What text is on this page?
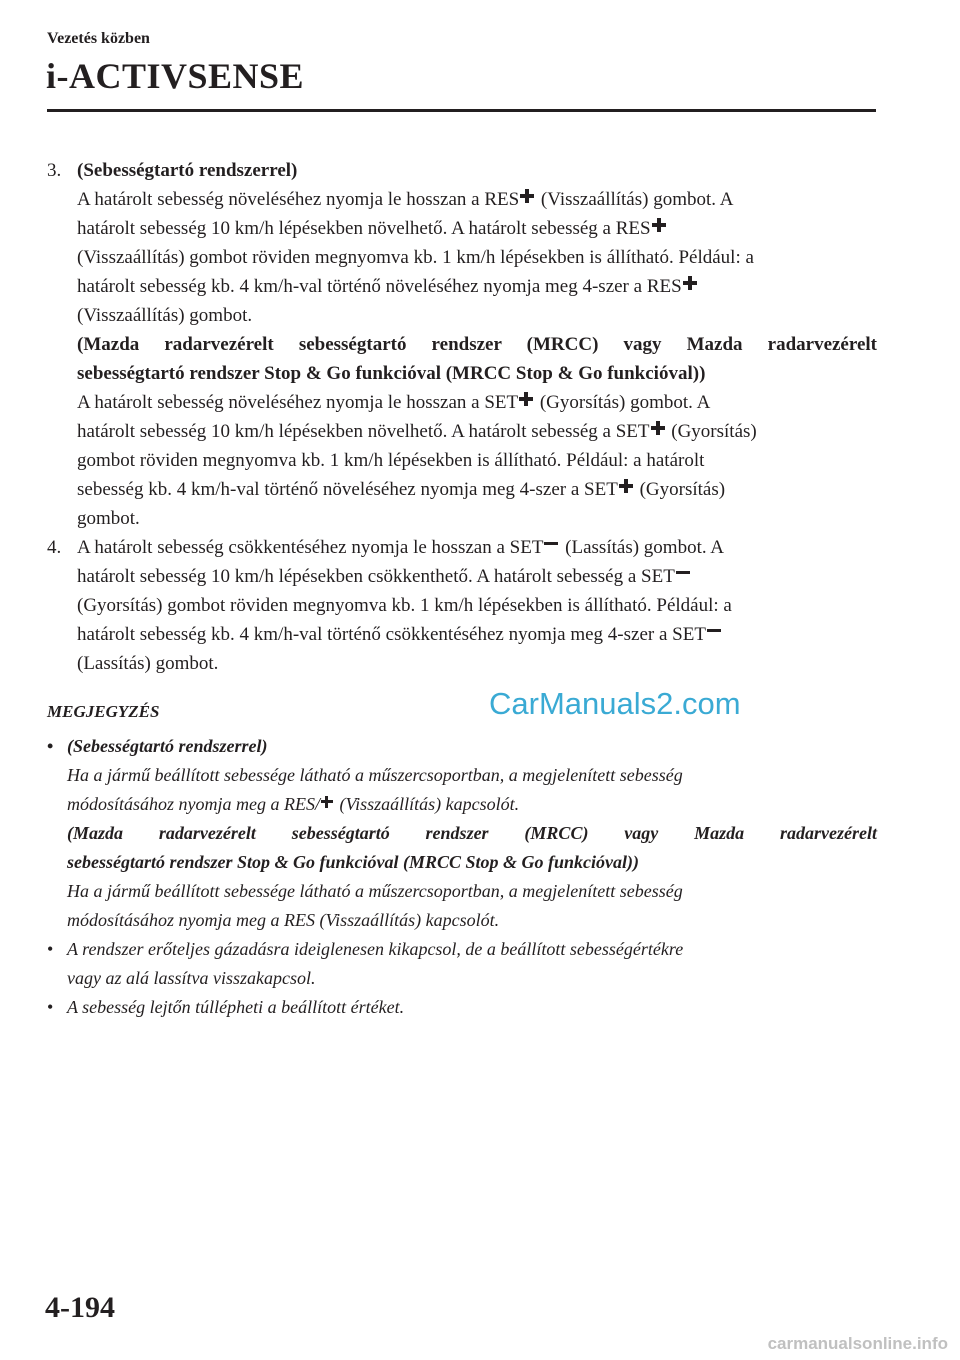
Vezetés közben
i-ACTIVSENSE
3. (Sebességtartó rendszerrel)
A határolt sebesség növeléséhez nyomja le hosszan a RES (Visszaállítás) gombot. A
határolt sebesség 10 km/h lépésekben növelhető. A határolt sebesség a RES
(Visszaállítás) gombot röviden megnyomva kb. 1 km/h lépésekben is állítható. Például: a
határolt sebesség kb. 4 km/h-val történő növeléséhez nyomja meg 4-szer a RES
(Visszaállítás) gombot.
(Mazda radarvezérelt sebességtartó rendszer (MRCC) vagy Mazda radarvezérelt
sebességtartó rendszer Stop & Go funkcióval (MRCC Stop & Go funkcióval))
A határolt sebesség növeléséhez nyomja le hosszan a SET (Gyorsítás) gombot. A
határolt sebesség 10 km/h lépésekben növelhető. A határolt sebesség a SET (Gyorsítás)
gombot röviden megnyomva kb. 1 km/h lépésekben is állítható. Például: a határolt
sebesség kb. 4 km/h-val történő növeléséhez nyomja meg 4-szer a SET (Gyorsítás)
gombot.
4. A határolt sebesség csökkentéséhez nyomja le hosszan a SET (Lassítás) gombot. A
határolt sebesség 10 km/h lépésekben csökkenthető. A határolt sebesség a SET
(Gyorsítás) gombot röviden megnyomva kb. 1 km/h lépésekben is állítható. Például: a
határolt sebesség kb. 4 km/h-val történő csökkentéséhez nyomja meg 4-szer a SET
(Lassítás) gombot.
MEGJEGYZÉS
• (Sebességtartó rendszerrel)
Ha a jármű beállított sebessége látható a műszercsoportban, a megjelenített sebesség
módosításához nyomja meg a RES/ (Visszaállítás) kapcsolót.
(Mazda radarvezérelt sebességtartó rendszer (MRCC) vagy Mazda radarvezérelt
sebességtartó rendszer Stop & Go funkcióval (MRCC Stop & Go funkcióval))
Ha a jármű beállított sebessége látható a műszercsoportban, a megjelenített sebesség
módosításához nyomja meg a RES (Visszaállítás) kapcsolót.
• A rendszer erőteljes gázadásra ideiglenesen kikapcsol, de a beállított sebességértékre
vagy az alá lassítva visszakapcsol.
• A sebesség lejtőn túllépheti a beállított értéket.
CarManuals2.com
4-194
carmanualsonline.info
